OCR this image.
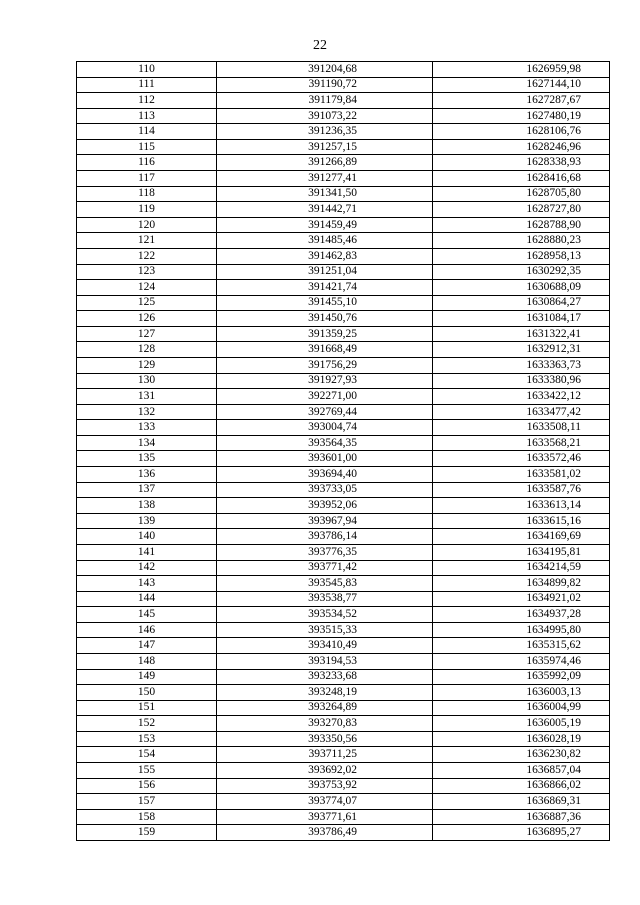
22
110	391204,68	1626959,98
111	391190,72	1627144,10
112	391179,84	1627287,67
113	391073,22	1627480,19
114	391236,35	1628106,76
115	391257,15	1628246,96
116	391266,89	1628338,93
117	391277,41	1628416,68
118	391341,50	1628705,80
119	391442,71	1628727,80
120	391459,49	1628788,90
121	391485,46	1628880,23
122	391462,83	1628958,13
123	391251,04	1630292,35
124	391421,74	1630688,09
125	391455,10	1630864,27
126	391450,76	1631084,17
127	391359,25	1631322,41
128	391668,49	1632912,31
129	391756,29	1633363,73
130	391927,93	1633380,96
131	392271,00	1633422,12
132	392769,44	1633477,42
133	393004,74	1633508,11
134	393564,35	1633568,21
135	393601,00	1633572,46
136	393694,40	1633581,02
137	393733,05	1633587,76
138	393952,06	1633613,14
139	393967,94	1633615,16
140	393786,14	1634169,69
141	393776,35	1634195,81
142	393771,42	1634214,59
143	393545,83	1634899,82
144	393538,77	1634921,02
145	393534,52	1634937,28
146	393515,33	1634995,80
147	393410,49	1635315,62
148	393194,53	1635974,46
149	393233,68	1635992,09
150	393248,19	1636003,13
151	393264,89	1636004,99
152	393270,83	1636005,19
153	393350,56	1636028,19
154	393711,25	1636230,82
155	393692,02	1636857,04
156	393753,92	1636866,02
157	393774,07	1636869,31
158	393771,61	1636887,36
159	393786,49	1636895,27
